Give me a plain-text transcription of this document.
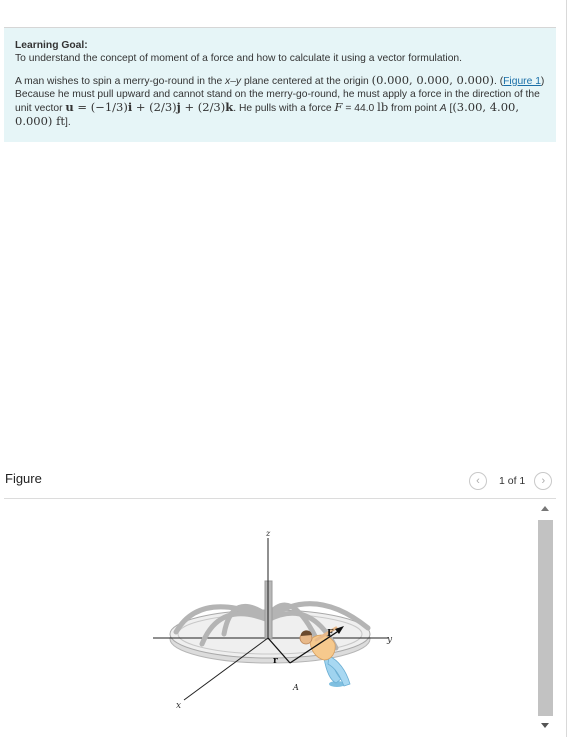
Learning Goal:

To understand the concept of moment of a force and how to calculate it using a vector formulation.

A man wishes to spin a merry-go-round in the x–y plane centered at the origin (0.000, 0.000, 0.000). (Figure 1) Because he must pull upward and cannot stand on the merry-go-round, he must apply a force in the direction of the unit vector u = (−1/3)i + (2/3)j + (2/3)k. He pulls with a force F = 44.0 lb from point A [(3.00, 4.00, 0.000) ft].

Figure	‹ 1 of 1 ›
z
y
x
F
r
A
